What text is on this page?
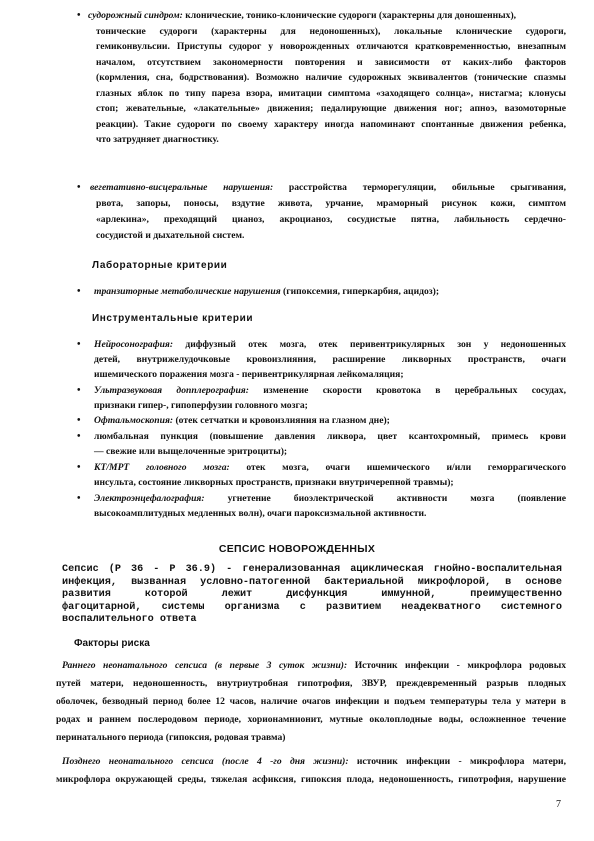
• судорожный синдром: клонические, тонико-клонические судороги (характерны для доношенных),

тонические судороги (характерны для недоношенных), локальные клонические судороги,
гемиконвульсии. Приступы судорог у новорожденных отличаются кратковременностью, внезапным
началом, отсутствием закономерности повторения и зависимости от каких-либо факторов
(кормления, сна, бодрствования). Возможно наличие судорожных эквивалентов (тонические спазмы
глазных яблок по типу пареза взора, имитации симптома «заходящего солнца», нистагма; клонусы
стоп; жевательные, «лакательные» движения; педалирующие движения ног; апноэ, вазомоторные
реакции). Такие судороги по своему характеру иногда напоминают спонтанные движения ребенка,
что затрудняет диагностику.
• вегетативно-висцеральные нарушения: расстройства терморегуляции, обильные срыгивания,
рвота, запоры, поносы, вздутие живота, урчание, мраморный рисунок кожи, симптом
«арлекина», преходящий цианоз, акроцианоз, сосудистые пятна, лабильность сердечно-
сосудистой и дыхательной систем.
Лабораторные критерии
• транзиторные метаболические нарушения (гипоксемия, гиперкарбия, ацидоз);
Инструментальные критерии
• Нейросонография: диффузный отек мозга, отек перивентрикулярных зон у недоношенных
детей, внутрижелудочковые кровоизлияния, расширение ликворных пространств, очаги
ишемического поражения мозга - перивентрикулярная лейкомаляция;
• Ультразвуковая допплерография: изменение скорости кровотока в церебральных сосудах,
признаки гипер-, гипоперфузии головного мозга;
• Офтальмоскопия: (отек сетчатки и кровоизлияния на глазном дне);
• люмбальная пункция (повышение давления ликвора, цвет ксантохромный, примесь крови
— свежие или выщелоченные эритроциты);
• КТ/МРТ головного мозга: отек мозга, очаги ишемического и/или геморрагического
инсульта, состояние ликворных пространств, признаки внутричерепной травмы);
• Электроэнцефалография: угнетение биоэлектрической активности мозга (появление
высокоамплитудных медленных волн), очаги пароксизмальной активности.
СЕПСИС НОВОРОЖДЕННЫХ
Сепсис (Р 36 - Р 36.9) - генерализованная ациклическая гнойно-воспалительная
инфекция, вызванная условно-патогенной бактериальной микрофлорой, в основе
развития которой лежит дисфункция иммунной, преимущественно
фагоцитарной, системы организма с развитием неадекватного системного
воспалительного ответа
Факторы риска
Раннего неонатального сепсиса (в первые 3 суток жизни): Источник инфекции - микрофлора родовых
путей матери, недоношенность, внутриутробная гипотрофия, ЗВУР, преждевременный разрыв плодных
оболочек, безводный период более 12 часов, наличие очагов инфекции и подъем температуры тела у матери в
родах и раннем послеродовом периоде, хорионамнионит, мутные околоплодные воды, осложненное течение
перинатального периода (гипоксия, родовая травма)
Позднего неонатального сепсиса (после 4 -го дня жизни): источник инфекции - микрофлора матери,
микрофлора окружающей среды, тяжелая асфиксия, гипоксия плода, недоношенность, гипотрофия, нарушение
7
